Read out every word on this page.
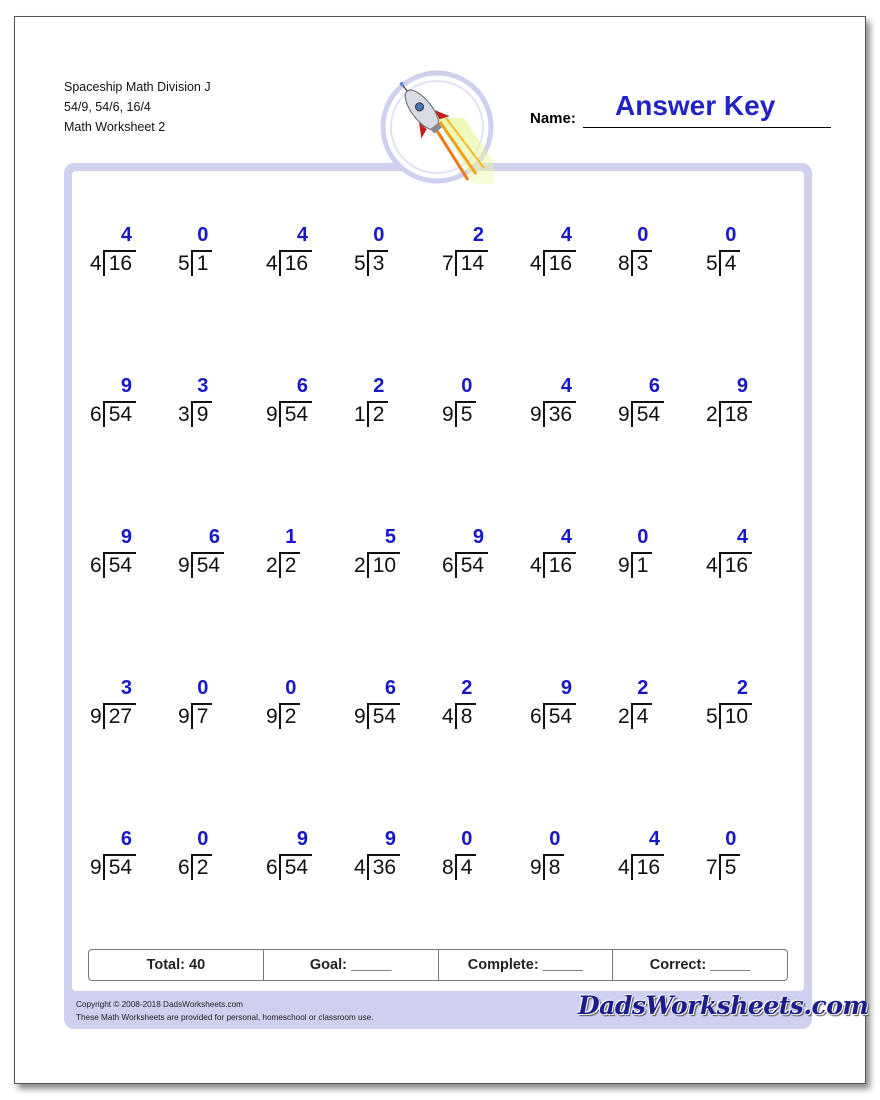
Spaceship Math Division J
54/9, 54/6, 16/4
Math Worksheet 2	Name: Answer Key
4
4 16
0
5 1
4
4 16
0
5 3
2
7 14
4
4 16
0
8 3
0
5 4
9
6 54
3
3 9
6
9 54
2
1 2
0
9 5
4
9 36
6
9 54
9
2 18
9
6 54
6
9 54
1
2 2
5
2 10
9
6 54
4
4 16
0
9 1
4
4 16
3
9 27
0
9 7
0
9 2
6
9 54
2
4 8
9
6 54
2
2 4
2
5 10
6
9 54
0
6 2
9
6 54
9
4 36
0
8 4
0
9 8
4
4 16
0
7 5
Total: 40	Goal: _____	Complete: _____	Correct: _____
Copyright © 2008-2018 DadsWorksheets.com
These Math Worksheets are provided for personal, homeschool or classroom use.	DadsWorksheets.com
